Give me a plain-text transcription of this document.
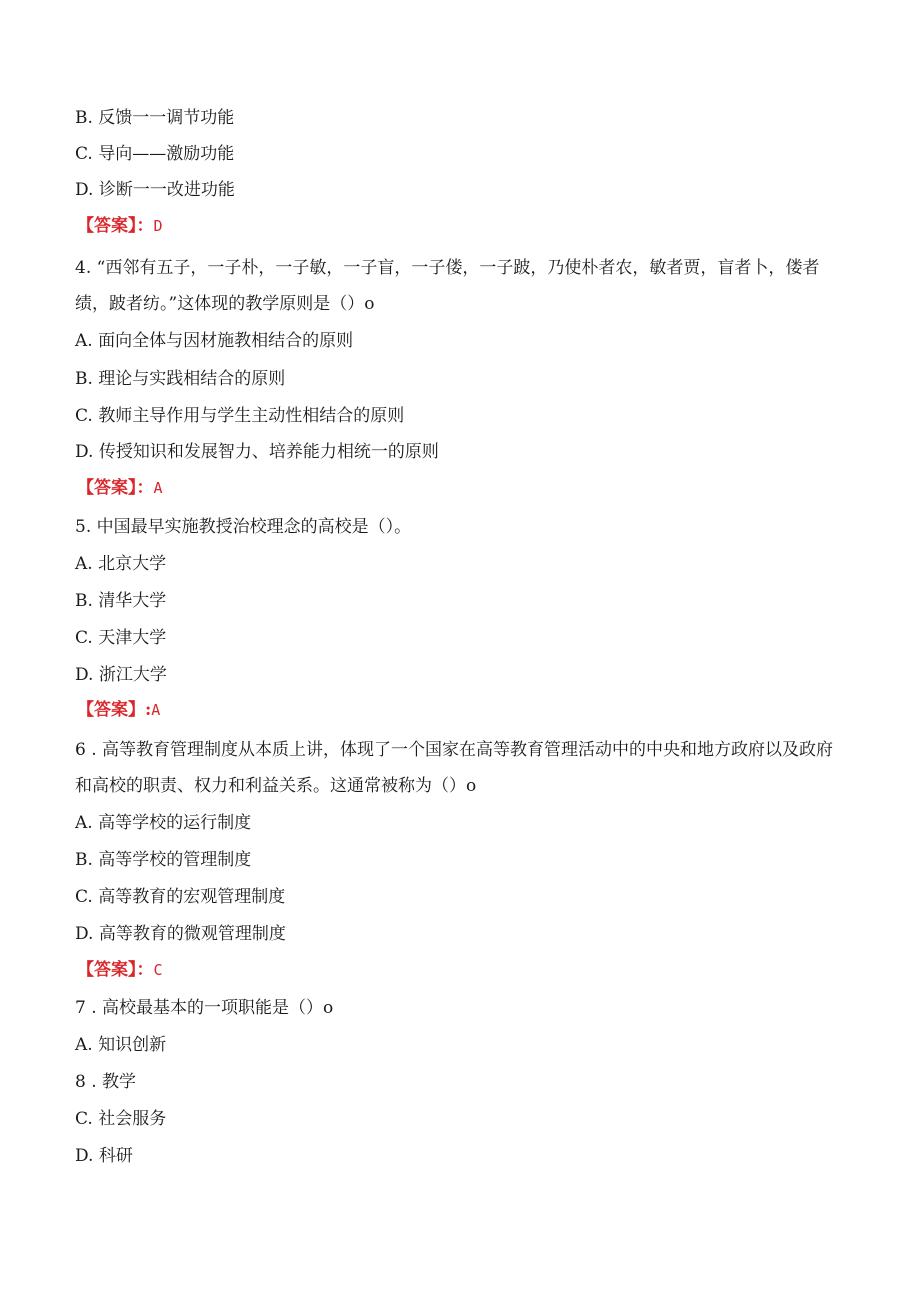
B. 反馈一一调节功能
C. 导向——激励功能
D. 诊断一一改进功能
【答案】：D
4. “西邻有五子，一子朴，一子敏，一子盲，一子偻，一子跛，乃使朴者农，敏者贾，盲者卜，偻者绩，跛者纺。”这体现的教学原则是（）o
A. 面向全体与因材施教相结合的原则
B. 理论与实践相结合的原则
C. 教师主导作用与学生主动性相结合的原则
D. 传授知识和发展智力、培养能力相统一的原则
【答案】：A
5. 中国最早实施教授治校理念的高校是（）。
A. 北京大学
B. 清华大学
C. 天津大学
D. 浙江大学
【答案】:A
6 . 高等教育管理制度从本质上讲，体现了一个国家在高等教育管理活动中的中央和地方政府以及政府和高校的职责、权力和利益关系。这通常被称为（）o
A. 高等学校的运行制度
B. 高等学校的管理制度
C. 高等教育的宏观管理制度
D. 高等教育的微观管理制度
【答案】：C
7 . 高校最基本的一项职能是（）o
A. 知识创新
8 . 教学
C. 社会服务
D. 科研
